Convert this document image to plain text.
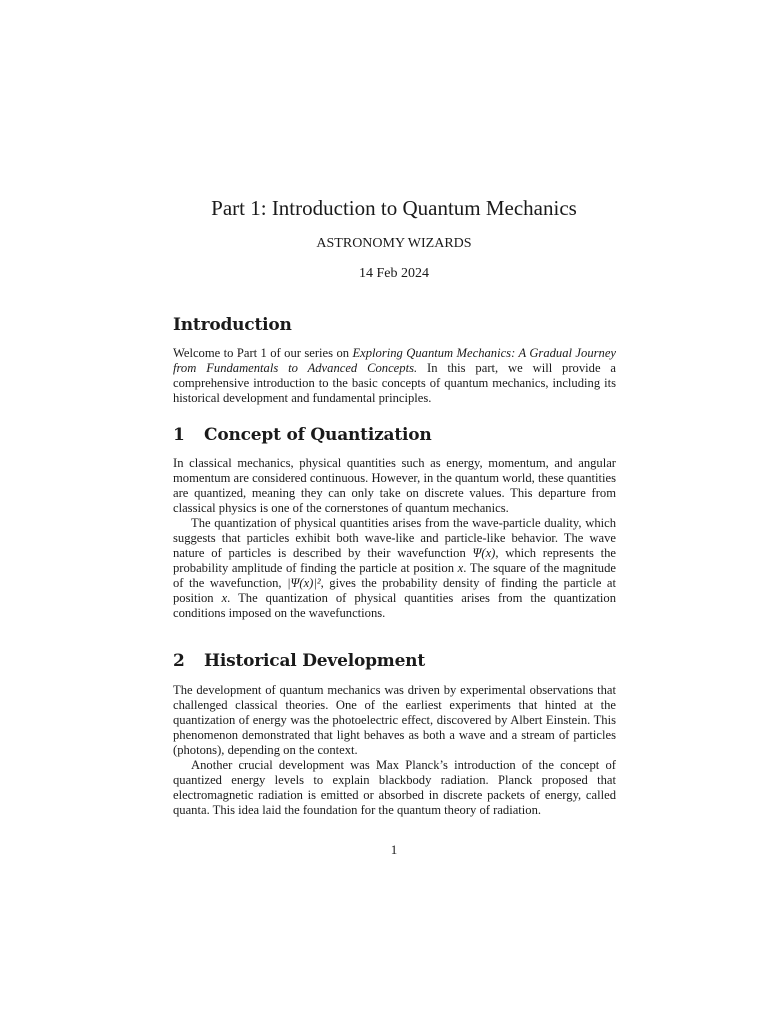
Part 1: Introduction to Quantum Mechanics
ASTRONOMY WIZARDS
14 Feb 2024
Introduction

Welcome to Part 1 of our series on Exploring Quantum Mechanics: A Gradual Journey from Fundamentals to Advanced Concepts. In this part, we will provide a comprehensive introduction to the basic concepts of quantum mechanics, including its historical development and fundamental principles.

1 Concept of Quantization

In classical mechanics, physical quantities such as energy, momentum, and angular momentum are considered continuous. However, in the quantum world, these quantities are quantized, meaning they can only take on discrete values. This departure from classical physics is one of the cornerstones of quantum mechanics.

The quantization of physical quantities arises from the wave-particle duality, which suggests that particles exhibit both wave-like and particle-like behavior. The wave nature of particles is described by their wavefunction Ψ(x), which represents the probability amplitude of finding the particle at position x. The square of the magnitude of the wavefunction, |Ψ(x)|², gives the probability density of finding the particle at position x. The quantization of physical quantities arises from the quantization conditions imposed on the wavefunctions.

2 Historical Development

The development of quantum mechanics was driven by experimental observations that challenged classical theories. One of the earliest experiments that hinted at the quantization of energy was the photoelectric effect, discovered by Albert Einstein. This phenomenon demonstrated that light behaves as both a wave and a stream of particles (photons), depending on the context.

Another crucial development was Max Planck’s introduction of the concept of quantized energy levels to explain blackbody radiation. Planck proposed that electromagnetic radiation is emitted or absorbed in discrete packets of energy, called quanta. This idea laid the foundation for the quantum theory of radiation.

1
